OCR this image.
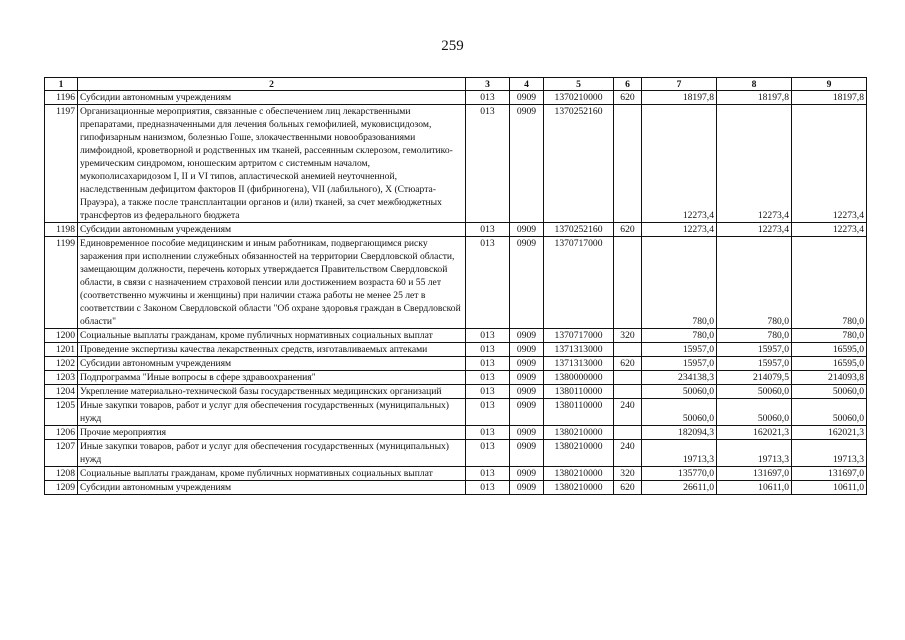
259
1	2	3	4	5	6	7	8	9
1196	Субсидии автономным учреждениям	013	0909	1370210000	620	18197,8	18197,8	18197,8
1197	Организационные мероприятия, связанные с обеспечением лиц лекарственными препаратами, предназначенными для лечения больных гемофилией, муковисцидозом, гипофизарным нанизмом, болезнью Гоше, злокачественными новообразованиями лимфоидной, кроветворной и родственных им тканей, рассеянным склерозом, гемолитико-уремическим синдромом, юношеским артритом с системным началом, мукополисахаридозом I, II и VI типов, апластической анемией неуточненной, наследственным дефицитом факторов II (фибриногена), VII (лабильного), X (Стюарта-Прауэра), а также после трансплантации органов и (или) тканей, за счет межбюджетных трансфертов из федерального бюджета	013	0909	1370252160		12273,4	12273,4	12273,4
1198	Субсидии автономным учреждениям	013	0909	1370252160	620	12273,4	12273,4	12273,4
1199	Единовременное пособие медицинским и иным работникам, подвергающимся риску заражения при исполнении служебных обязанностей на территории Свердловской области, замещающим должности, перечень которых утверждается Правительством Свердловской области, в связи с назначением страховой пенсии или достижением возраста 60 и 55 лет (соответственно мужчины и женщины) при наличии стажа работы не менее 25 лет в соответствии с Законом Свердловской области "Об охране здоровья граждан в Свердловской области"	013	0909	1370717000		780,0	780,0	780,0
1200	Социальные выплаты гражданам, кроме публичных нормативных социальных выплат	013	0909	1370717000	320	780,0	780,0	780,0
1201	Проведение экспертизы качества лекарственных средств, изготавливаемых аптеками	013	0909	1371313000		15957,0	15957,0	16595,0
1202	Субсидии автономным учреждениям	013	0909	1371313000	620	15957,0	15957,0	16595,0
1203	Подпрограмма "Иные вопросы в сфере здравоохранения"	013	0909	1380000000		234138,3	214079,5	214093,8
1204	Укрепление материально-технической базы государственных медицинских организаций	013	0909	1380110000		50060,0	50060,0	50060,0
1205	Иные закупки товаров, работ и услуг для обеспечения государственных (муниципальных) нужд	013	0909	1380110000	240	50060,0	50060,0	50060,0
1206	Прочие мероприятия	013	0909	1380210000		182094,3	162021,3	162021,3
1207	Иные закупки товаров, работ и услуг для обеспечения государственных (муниципальных) нужд	013	0909	1380210000	240	19713,3	19713,3	19713,3
1208	Социальные выплаты гражданам, кроме публичных нормативных социальных выплат	013	0909	1380210000	320	135770,0	131697,0	131697,0
1209	Субсидии автономным учреждениям	013	0909	1380210000	620	26611,0	10611,0	10611,0
